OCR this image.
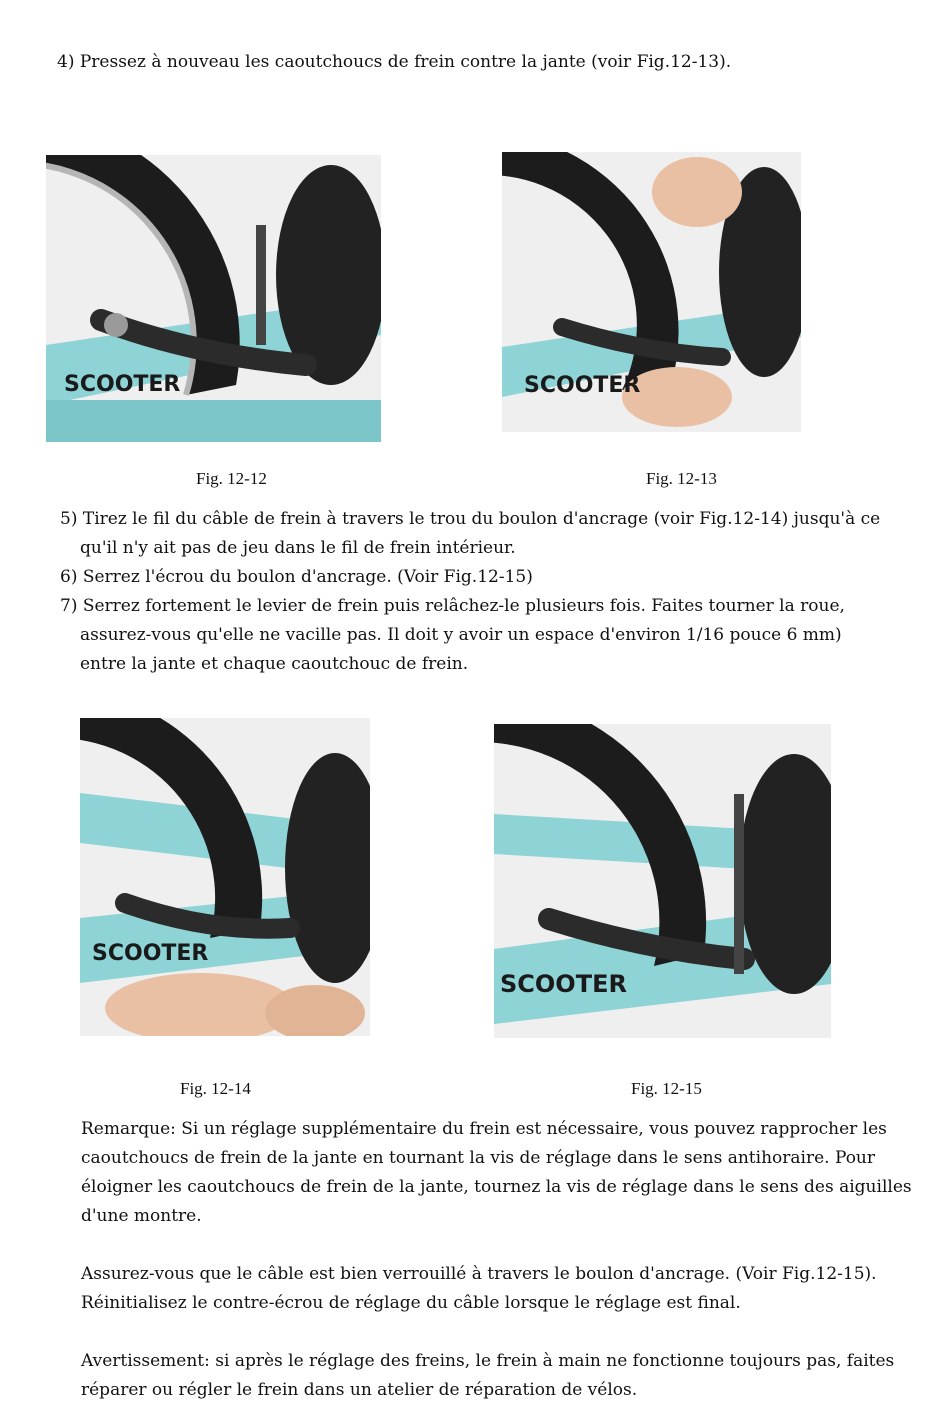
4) Pressez à nouveau les caoutchoucs de frein contre la jante (voir Fig.12-13).
SCOOTER	SCOOTER
Fig. 12-12	Fig. 12-13
5) Tirez le fil du câble de frein à travers le trou du boulon d'ancrage (voir Fig.12-14) jusqu'à ce
qu'il n'y ait pas de jeu dans le fil de frein intérieur.
6) Serrez l'écrou du boulon d'ancrage. (Voir Fig.12-15)
7) Serrez fortement le levier de frein puis relâchez-le plusieurs fois. Faites tourner la roue,
assurez-vous qu'elle ne vacille pas. Il doit y avoir un espace d'environ 1/16 pouce 6 mm)
entre la jante et chaque caoutchouc de frein.
SCOOTER
SCOOTER
Fig. 12-14	Fig. 12-15
Remarque: Si un réglage supplémentaire du frein est nécessaire, vous pouvez rapprocher les
caoutchoucs de frein de la jante en tournant la vis de réglage dans le sens antihoraire. Pour
éloigner les caoutchoucs de frein de la jante, tournez la vis de réglage dans le sens des aiguilles
d'une montre.
Assurez-vous que le câble est bien verrouillé à travers le boulon d'ancrage. (Voir Fig.12-15).
Réinitialisez le contre-écrou de réglage du câble lorsque le réglage est final.
Avertissement: si après le réglage des freins, le frein à main ne fonctionne toujours pas, faites
réparer ou régler le frein dans un atelier de réparation de vélos.
